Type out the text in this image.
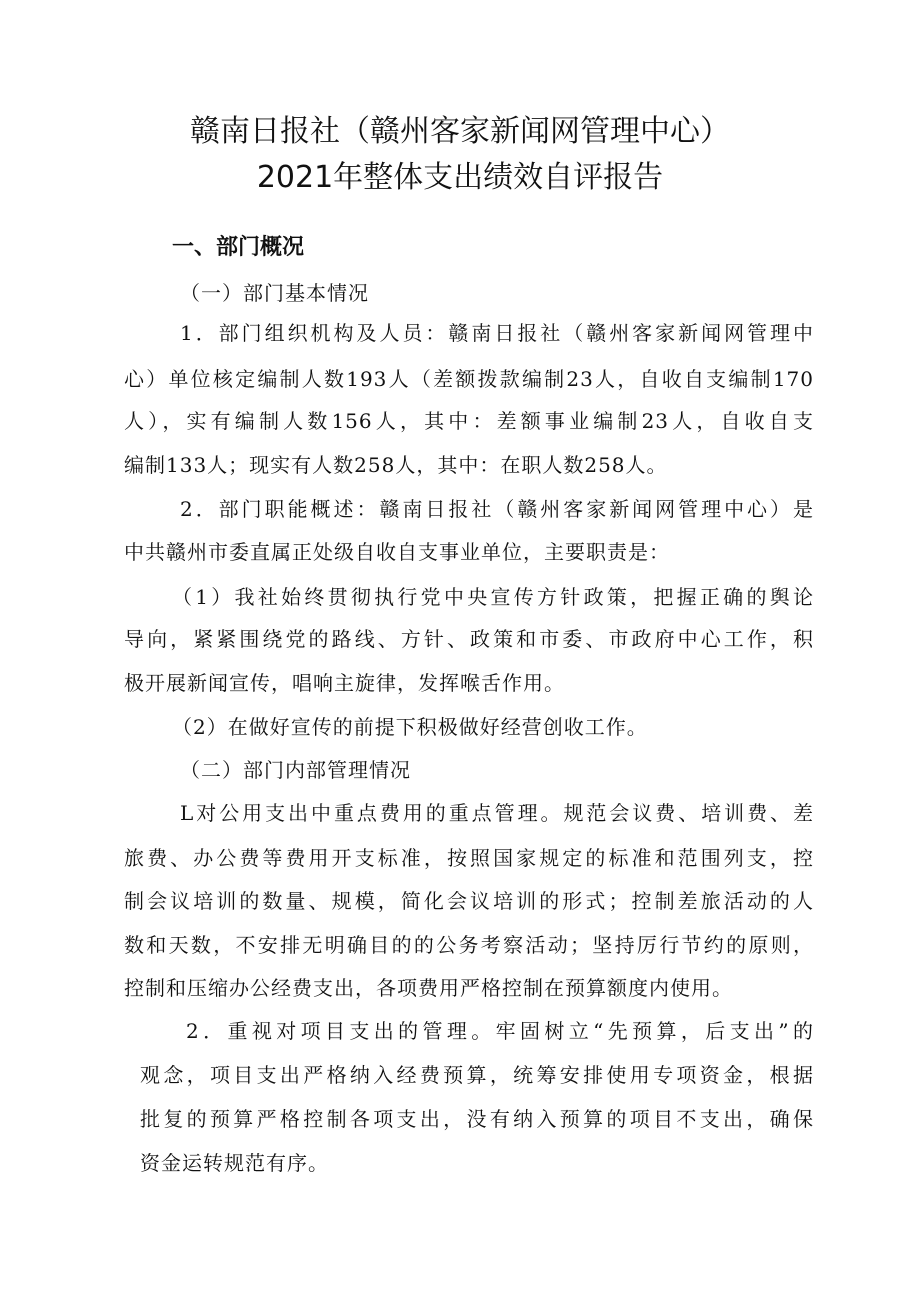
赣南日报社（赣州客家新闻网管理中心）
2021年整体支出绩效自评报告
一、部门概况
（一）部门基本情况
1．部门组织机构及人员：赣南日报社（赣州客家新闻网管理中
心）单位核定编制人数193人（差额拨款编制23人，自收自支编制170
人），实有编制人数156人，其中：差额事业编制23人，自收自支
编制133人；现实有人数258人，其中：在职人数258人。
2．部门职能概述：赣南日报社（赣州客家新闻网管理中心）是
中共赣州市委直属正处级自收自支事业单位，主要职责是：
（1）我社始终贯彻执行党中央宣传方针政策，把握正确的舆论
导向，紧紧围绕党的路线、方针、政策和市委、市政府中心工作，积
极开展新闻宣传，唱响主旋律，发挥喉舌作用。
（2）在做好宣传的前提下积极做好经营创收工作。
（二）部门内部管理情况
L对公用支出中重点费用的重点管理。规范会议费、培训费、差
旅费、办公费等费用开支标准，按照国家规定的标准和范围列支，控
制会议培训的数量、规模，简化会议培训的形式；控制差旅活动的人
数和天数，不安排无明确目的的公务考察活动；坚持厉行节约的原则，
控制和压缩办公经费支出，各项费用严格控制在预算额度内使用。
2．重视对项目支出的管理。牢固树立“先预算，后支出”的
观念，项目支出严格纳入经费预算，统筹安排使用专项资金，根据
批复的预算严格控制各项支出，没有纳入预算的项目不支出，确保
资金运转规范有序。
